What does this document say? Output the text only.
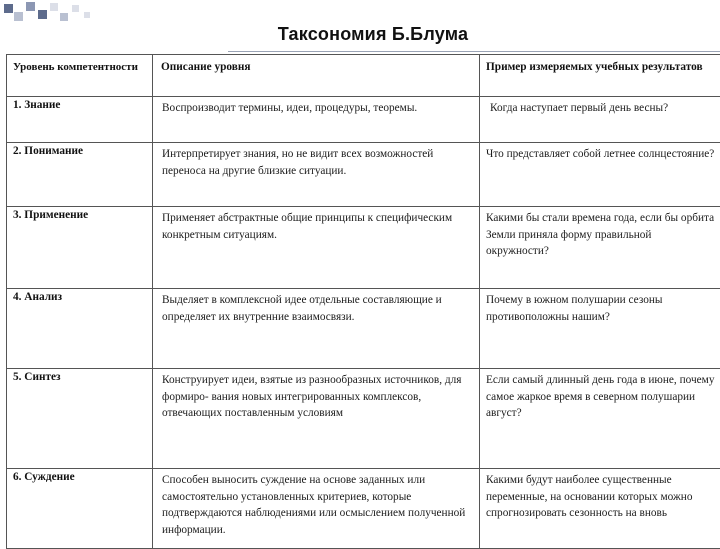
Таксономия Б.Блума
Уровень компетентности	Описание уровня	Пример измеряемых учебных результатов

1. Знание	Воспроизводит термины, идеи, процедуры, теоремы.	Когда наступает первый день весны?

2. Понимание	Интерпретирует знания, но не видит всех возможностей переноса на другие близкие ситуации.	Что представляет собой летнее солнцестояние?

3. Применение	Применяет абстрактные общие принципы к специфическим конкретным ситуациям.	Какими бы стали времена года, если бы орбита Земли приняла форму правильной окружности?

4. Анализ	Выделяет в комплексной идее отдельные составляющие и определяет их внутренние взаимосвязи.	Почему в южном полушарии сезоны противоположны нашим?

5. Синтез	Конструирует идеи, взятые из разнообразных источников, для формиро- вания новых интегрированных комплексов, отвечающих поставленным условиям	Если самый длинный день года в июне, почему самое жаркое время в северном полушарии август?

6. Суждение	Способен выносить суждение на основе заданных или самостоятельно установленных критериев, которые подтверждаются наблюдениями или осмыслением полученной информации.	Какими будут наиболее существенные переменные, на основании которых можно спрогнозировать сезонность на вновь
